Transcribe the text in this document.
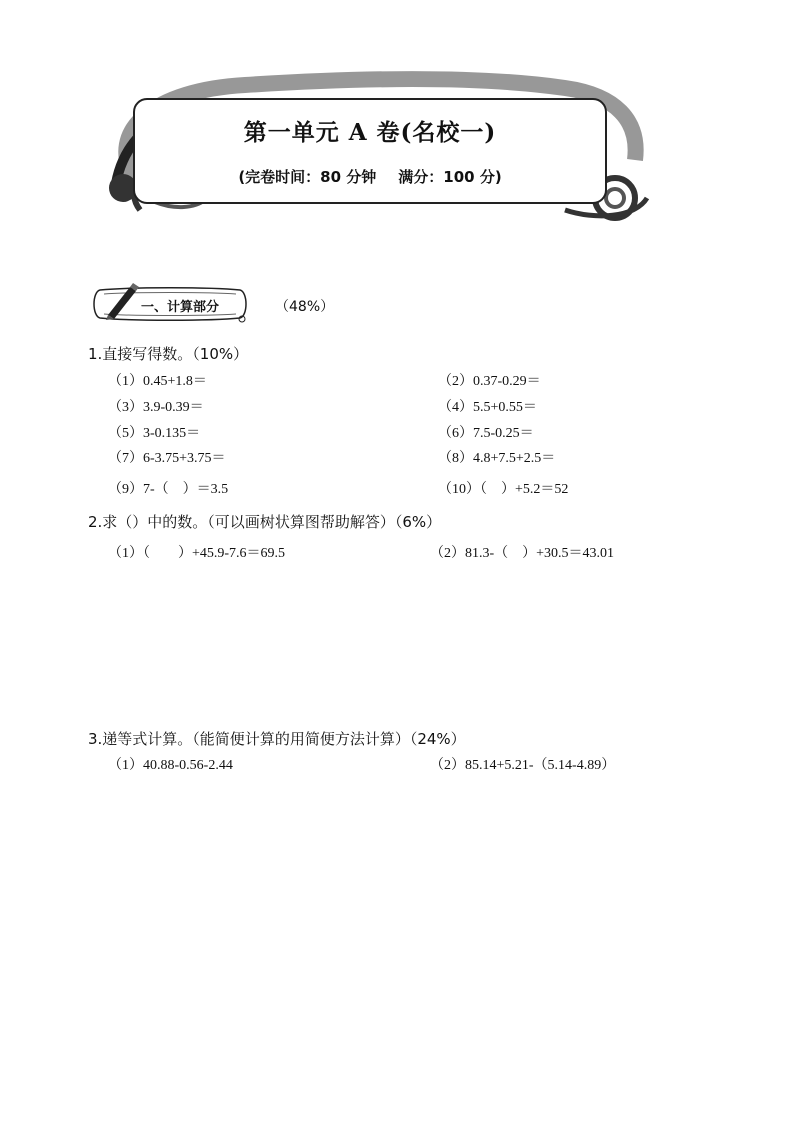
第一单元 A 卷(名校一)
(完卷时间：80 分钟 满分：100 分)
一、计算部分	（48%）
1.直接写得数。（10%）
（1）0.45+1.8＝	（2）0.37-0.29＝
（3）3.9-0.39＝	（4）5.5+0.55＝
（5）3-0.135＝	（6）7.5-0.25＝
（7）6-3.75+3.75＝	（8）4.8+7.5+2.5＝
（9）7-（　）＝3.5	（10）（　）+5.2＝52
2.求（）中的数。（可以画树状算图帮助解答）（6%）
（1）（　　）+45.9-7.6＝69.5	（2）81.3-（　）+30.5＝43.01
3.递等式计算。（能简便计算的用简便方法计算）（24%）
（1）40.88-0.56-2.44	（2）85.14+5.21-（5.14-4.89）
